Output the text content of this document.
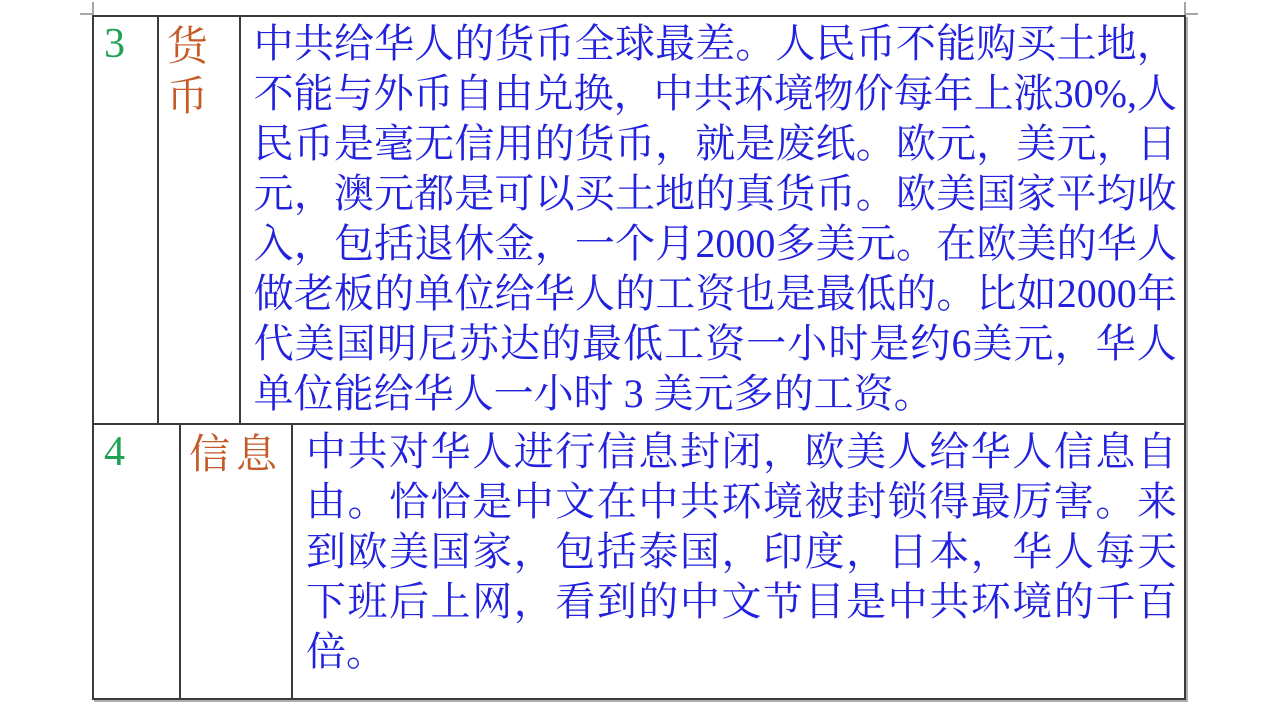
3	货币
中 共 给 华 人 的 货 币 全 球 最 差 。 人 民 币 不 能 购 买 土 地 ，
不 能 与 外 币 自 由 兑 换 ， 中 共 环 境 物 价 每 年 上 涨 30%, 人
民 币 是 毫 无 信 用 的 货 币 ， 就 是 废 纸 。 欧 元 ， 美 元 ， 日
元 ， 澳 元 都 是 可 以 买 土 地 的 真 货 币 。 欧 美 国 家 平 均 收
入 ， 包 括 退 休 金 ， 一 个 月 2000 多 美 元 。 在 欧 美 的 华 人
做 老 板 的 单 位 给 华 人 的 工 资 也 是 最 低 的 。 比 如 2000 年
代 美 国 明 尼 苏 达 的 最 低 工 资 一 小 时 是 约 6 美 元 ， 华 人
单位能给华人一小时 3 美元多的工资。
4	信息 中 共 对 华 人 进 行 信 息 封 闭 ， 欧 美 人 给 华 人 信 息 自
由 。 恰 恰 是 中 文 在 中 共 环 境 被 封 锁 得 最 厉 害 。 来
到 欧 美 国 家 ， 包 括 泰 国 ， 印 度 ， 日 本 ， 华 人 每 天
下 班 后 上 网 ， 看 到 的 中 文 节 目 是 中 共 环 境 的 千 百
倍。
